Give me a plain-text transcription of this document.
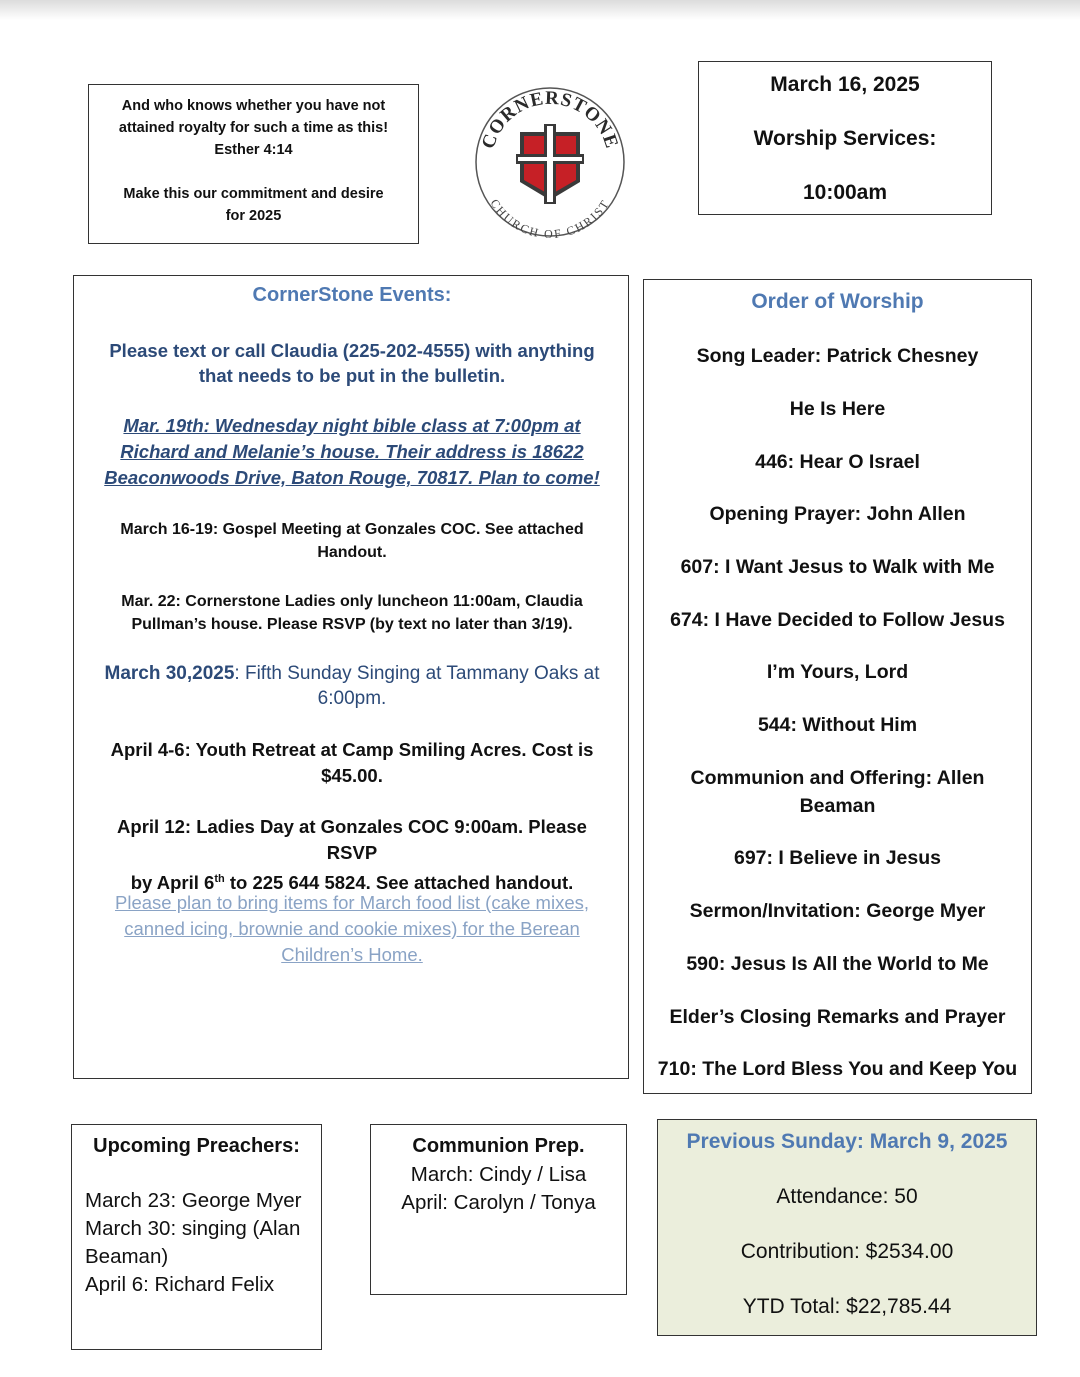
And who knows whether you have not

attained royalty for such a time as this!

Esther 4:14

Make this our commitment and desire

for 2025

CORNERSTONE
CHURCH OF CHRIST

March 16, 2025

Worship Services:

10:00am

CornerStone Events:

Please text or call Claudia (225-202-4555) with anything

that needs to be put in the bulletin.

Mar. 19th: Wednesday night bible class at 7:00pm at

Richard and Melanie’s house. Their address is 18622

Beaconwoods Drive, Baton Rouge, 70817. Plan to come!

March 16-19: Gospel Meeting at Gonzales COC. See attached

Handout.

Mar. 22: Cornerstone Ladies only luncheon 11:00am, Claudia

Pullman’s house. Please RSVP (by text no later than 3/19).

March 30,2025: Fifth Sunday Singing at Tammany Oaks at

6:00pm.

April 4-6: Youth Retreat at Camp Smiling Acres. Cost is

$45.00.

April 12: Ladies Day at Gonzales COC 9:00am. Please RSVP

by April 6th to 225 644 5824. See attached handout.

Please plan to bring items for March food list (cake mixes,

canned icing, brownie and cookie mixes) for the Berean

Children’s Home.

Order of Worship
Song Leader: Patrick Chesney
He Is Here
446: Hear O Israel
Opening Prayer: John Allen
607: I Want Jesus to Walk with Me
674: I Have Decided to Follow Jesus
I’m Yours, Lord
544: Without Him
Communion and Offering: Allen
Beaman
697: I Believe in Jesus
Sermon/Invitation: George Myer
590: Jesus Is All the World to Me
Elder’s Closing Remarks and Prayer
710: The Lord Bless You and Keep You
Upcoming Preachers:

March 23: George Myer

March 30: singing (Alan

Beaman)

April 6: Richard Felix

Communion Prep.

March: Cindy / Lisa

April: Carolyn / Tonya

Previous Sunday: March 9, 2025
Attendance: 50
Contribution: $2534.00
YTD Total: $22,785.44
